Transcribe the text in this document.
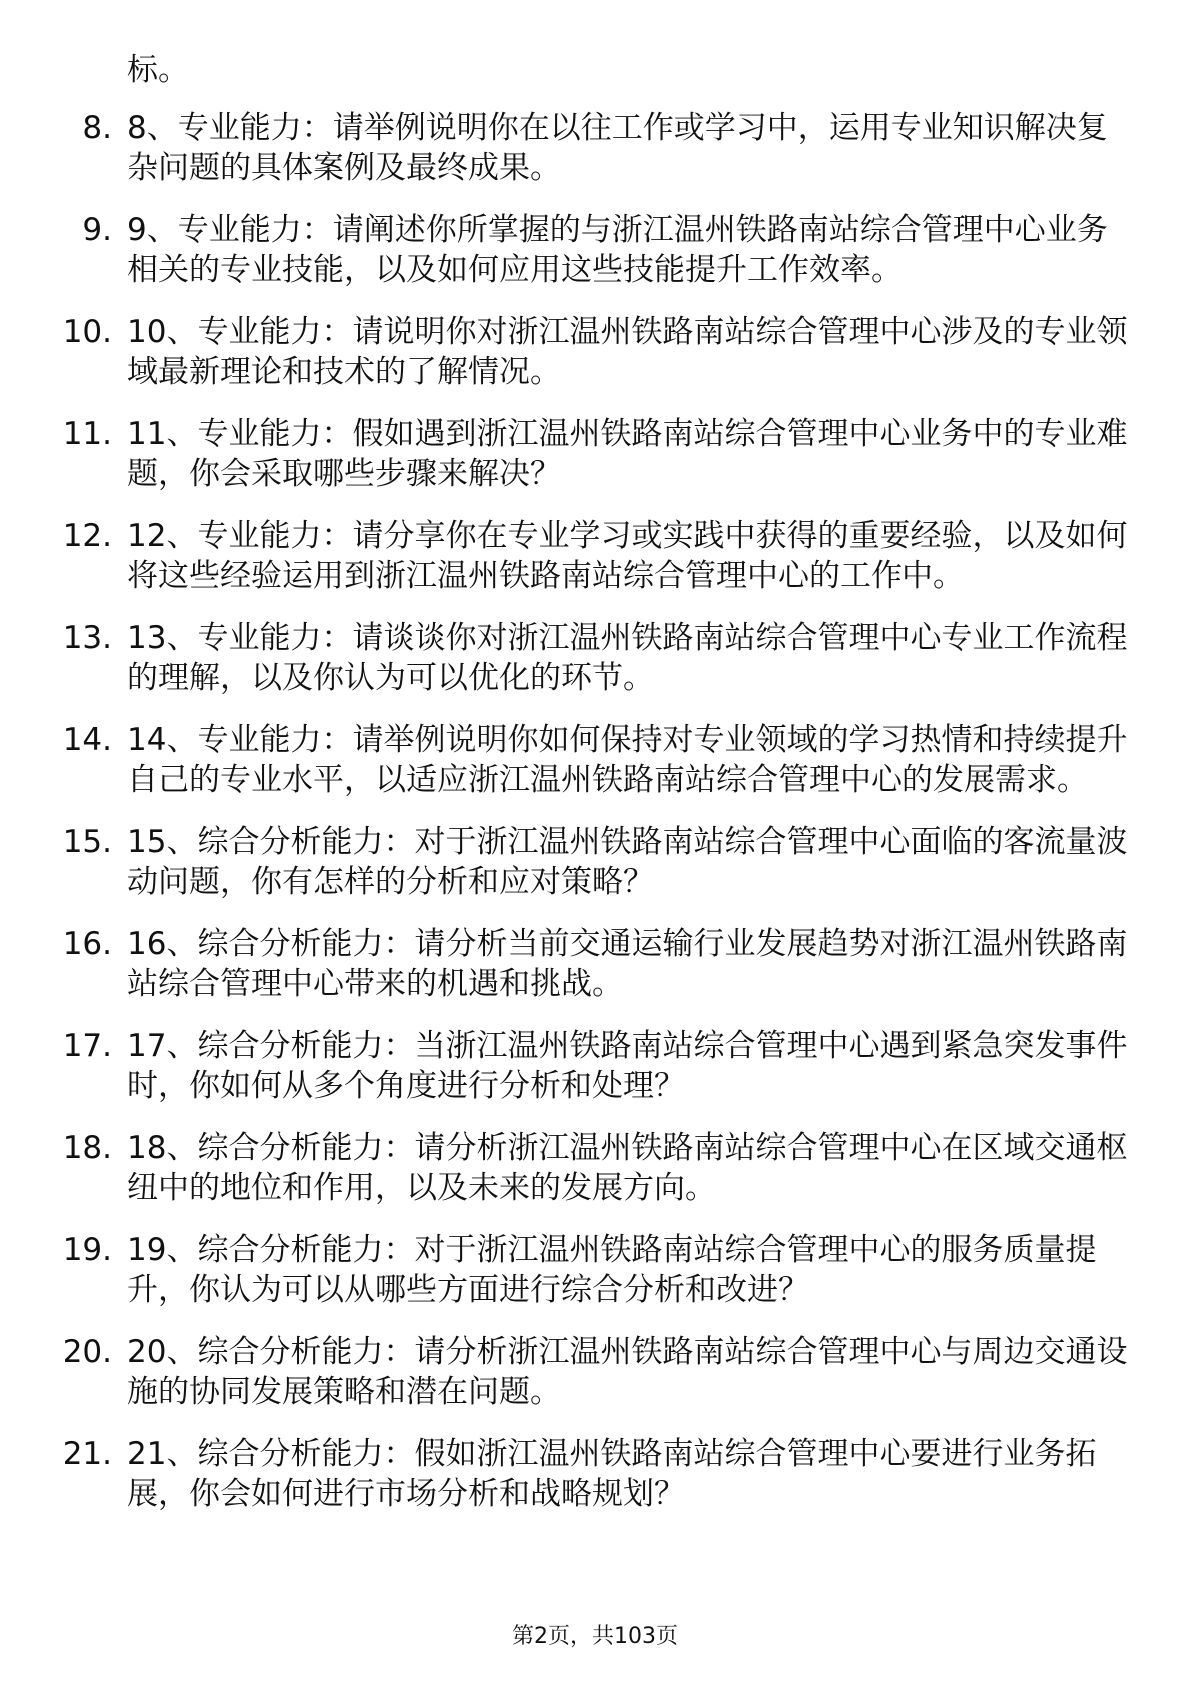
标。
8. 8、专业能力：请举例说明你在以往工作或学习中，运用专业知识解决复杂问题的具体案例及最终成果。
9. 9、专业能力：请阐述你所掌握的与浙江温州铁路南站综合管理中心业务相关的专业技能，以及如何应用这些技能提升工作效率。
10. 10、专业能力：请说明你对浙江温州铁路南站综合管理中心涉及的专业领域最新理论和技术的了解情况。
11. 11、专业能力：假如遇到浙江温州铁路南站综合管理中心业务中的专业难题，你会采取哪些步骤来解决？
12. 12、专业能力：请分享你在专业学习或实践中获得的重要经验，以及如何将这些经验运用到浙江温州铁路南站综合管理中心的工作中。
13. 13、专业能力：请谈谈你对浙江温州铁路南站综合管理中心专业工作流程的理解，以及你认为可以优化的环节。
14. 14、专业能力：请举例说明你如何保持对专业领域的学习热情和持续提升自己的专业水平，以适应浙江温州铁路南站综合管理中心的发展需求。
15. 15、综合分析能力：对于浙江温州铁路南站综合管理中心面临的客流量波动问题，你有怎样的分析和应对策略？
16. 16、综合分析能力：请分析当前交通运输行业发展趋势对浙江温州铁路南站综合管理中心带来的机遇和挑战。
17. 17、综合分析能力：当浙江温州铁路南站综合管理中心遇到紧急突发事件时，你如何从多个角度进行分析和处理？
18. 18、综合分析能力：请分析浙江温州铁路南站综合管理中心在区域交通枢纽中的地位和作用，以及未来的发展方向。
19. 19、综合分析能力：对于浙江温州铁路南站综合管理中心的服务质量提升，你认为可以从哪些方面进行综合分析和改进？
20. 20、综合分析能力：请分析浙江温州铁路南站综合管理中心与周边交通设施的协同发展策略和潜在问题。
21. 21、综合分析能力：假如浙江温州铁路南站综合管理中心要进行业务拓展，你会如何进行市场分析和战略规划？
第2页，共103页
